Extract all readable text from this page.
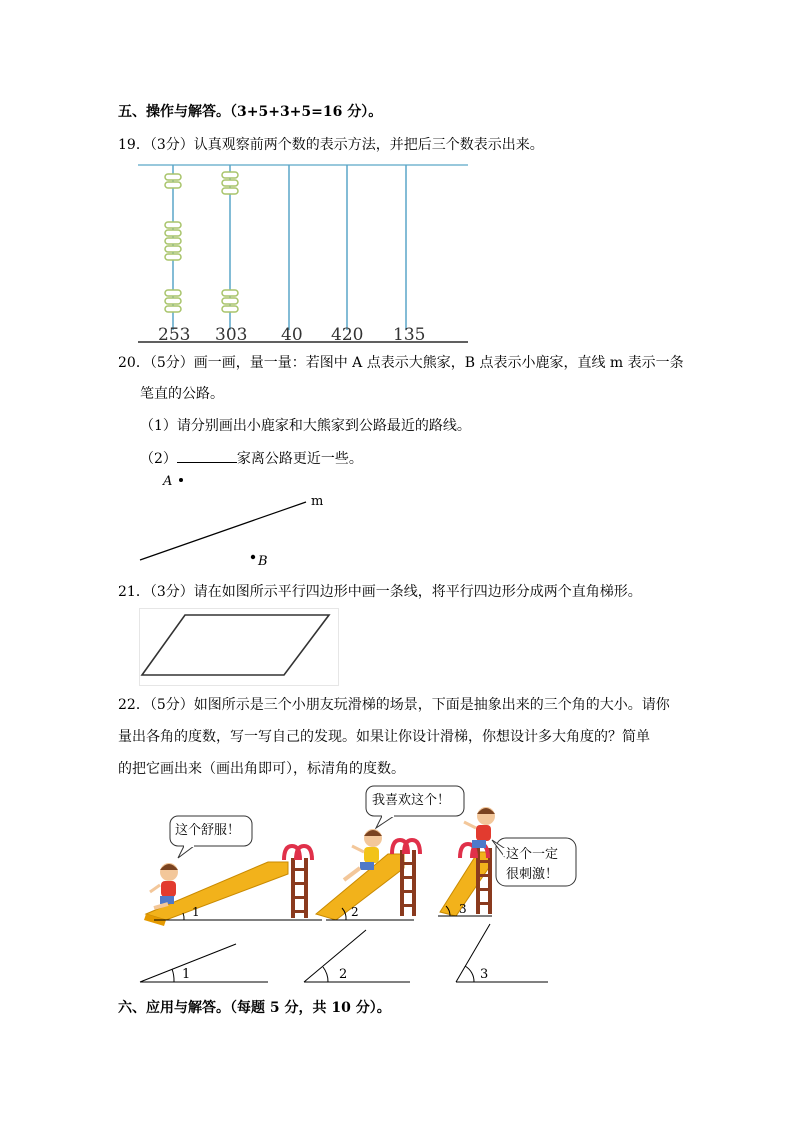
五、操作与解答。（3+5+3+5=16 分）。
19．（3分）认真观察前两个数的表示方法，并把后三个数表示出来。
253 303 40 420 135
20．（5分）画一画，量一量：若图中 A 点表示大熊家，B 点表示小鹿家，直线 m 表示一条
笔直的公路。
（1）请分别画出小鹿家和大熊家到公路最近的路线。
（2）	家离公路更近一些。
A
m
B
21．（3分）请在如图所示平行四边形中画一条线，将平行四边形分成两个直角梯形。
22．（5分）如图所示是三个小朋友玩滑梯的场景，下面是抽象出来的三个角的大小。请你
量出各角的度数，写一写自己的发现。如果让你设计滑梯，你想设计多大角度的？简单
的把它画出来（画出角即可），标清角的度数。
这个舒服！
我喜欢这个！
这个一定
很刺激！
1	2	3
1	2	3
六、应用与解答。（每题 5 分，共 10 分）。
